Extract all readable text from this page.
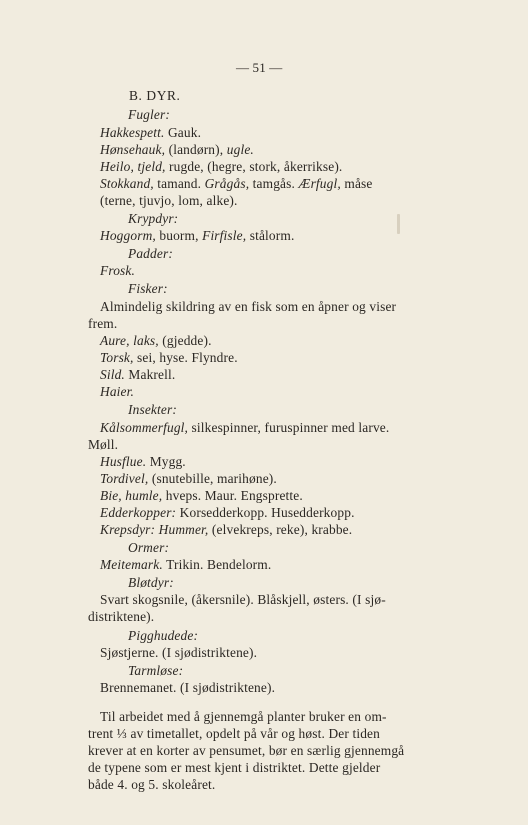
— 51 —
B. DYR.
Fugler:
Hakkespett. Gauk.
Hønsehauk, (landørn), ugle.
Heilo, tjeld, rugde, (hegre, stork, åkerrikse).
Stokkand, tamand. Grågås, tamgås. Ærfugl, måse
(terne, tjuvjo, lom, alke).
Krypdyr:
Hoggorm, buorm, Firfisle, stålorm.
Padder:
Frosk.
Fisker:
Almindelig skildring av en fisk som en åpner og viser
frem.
Aure, laks, (gjedde).
Torsk, sei, hyse. Flyndre.
Sild. Makrell.
Haier.
Insekter:
Kålsommerfugl, silkespinner, furuspinner med larve.
Møll.
Husflue. Mygg.
Tordivel, (snutebille, marihøne).
Bie, humle, hveps. Maur. Engsprette.
Edderkopper: Korsedderkopp. Husedderkopp.
Krepsdyr: Hummer, (elvekreps, reke), krabbe.
Ormer:
Meitemark. Trikin. Bendelorm.
Bløtdyr:
Svart skogsnile, (åkersnile). Blåskjell, østers. (I sjø-
distriktene).
Pigghudede:
Sjøstjerne. (I sjødistriktene).
Tarmløse:
Brennemanet. (I sjødistriktene).
Til arbeidet med å gjennemgå planter bruker en om-
trent ⅓ av timetallet, opdelt på vår og høst. Der tiden
krever at en korter av pensumet, bør en særlig gjennemgå
de typene som er mest kjent i distriktet. Dette gjelder
både 4. og 5. skoleåret.
